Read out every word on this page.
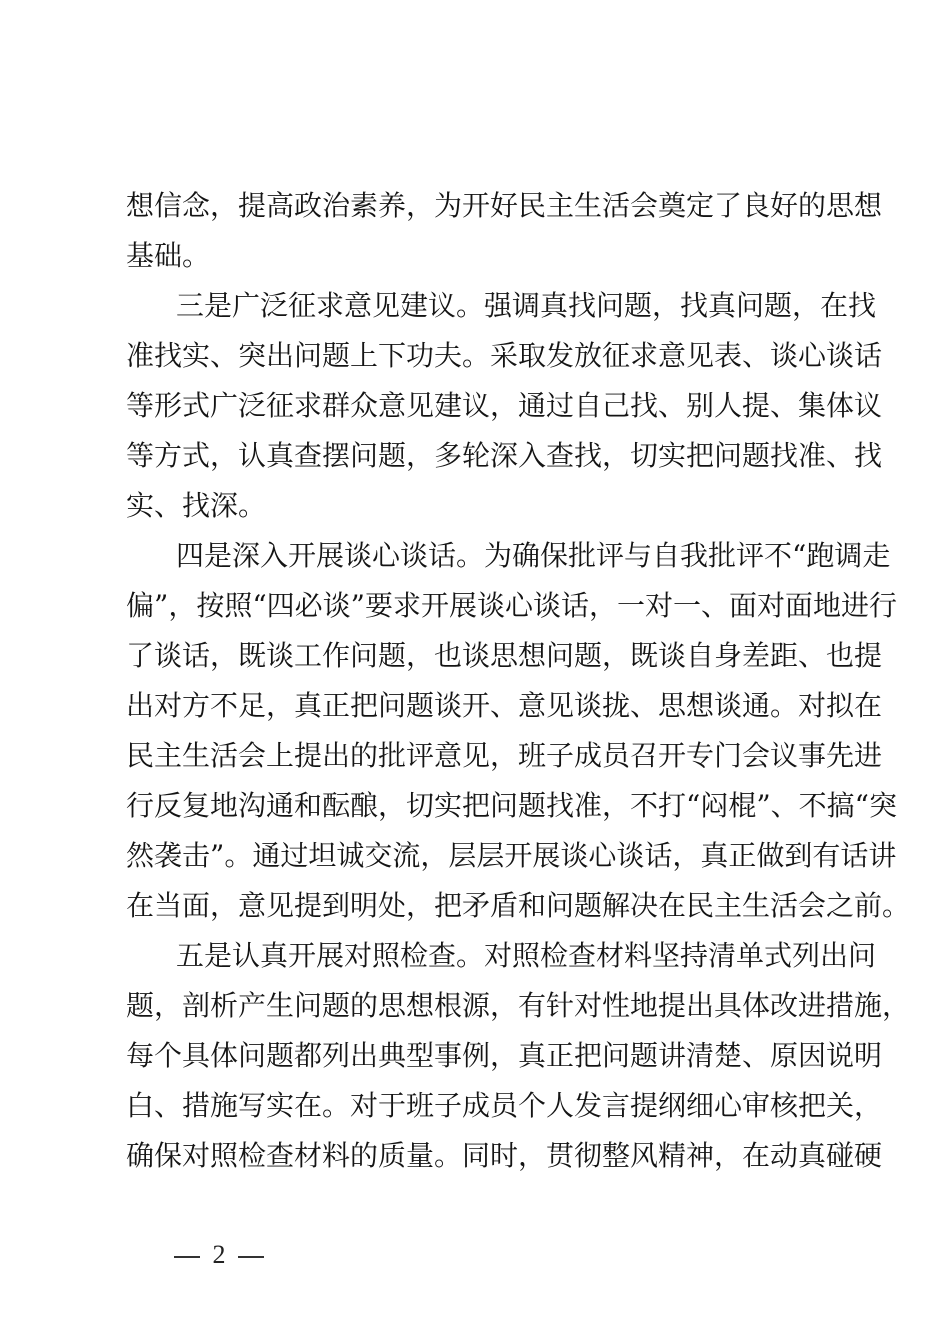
想信念，提高政治素养，为开好民主生活会奠定了良好的思想
基础。
三是广泛征求意见建议。强调真找问题，找真问题，在找
准找实、突出问题上下功夫。采取发放征求意见表、谈心谈话
等形式广泛征求群众意见建议，通过自己找、别人提、集体议
等方式，认真查摆问题，多轮深入查找，切实把问题找准、找
实、找深。
四是深入开展谈心谈话。为确保批评与自我批评不“跑调走
偏”，按照“四必谈”要求开展谈心谈话，一对一、面对面地进行
了谈话，既谈工作问题，也谈思想问题，既谈自身差距、也提
出对方不足，真正把问题谈开、意见谈拢、思想谈通。对拟在
民主生活会上提出的批评意见，班子成员召开专门会议事先进
行反复地沟通和酝酿，切实把问题找准，不打“闷棍”、不搞“突
然袭击”。通过坦诚交流，层层开展谈心谈话，真正做到有话讲
在当面，意见提到明处，把矛盾和问题解决在民主生活会之前。
五是认真开展对照检查。对照检查材料坚持清单式列出问
题，剖析产生问题的思想根源，有针对性地提出具体改进措施，
每个具体问题都列出典型事例，真正把问题讲清楚、原因说明
白、措施写实在。对于班子成员个人发言提纲细心审核把关，
确保对照检查材料的质量。同时，贯彻整风精神，在动真碰硬
2
